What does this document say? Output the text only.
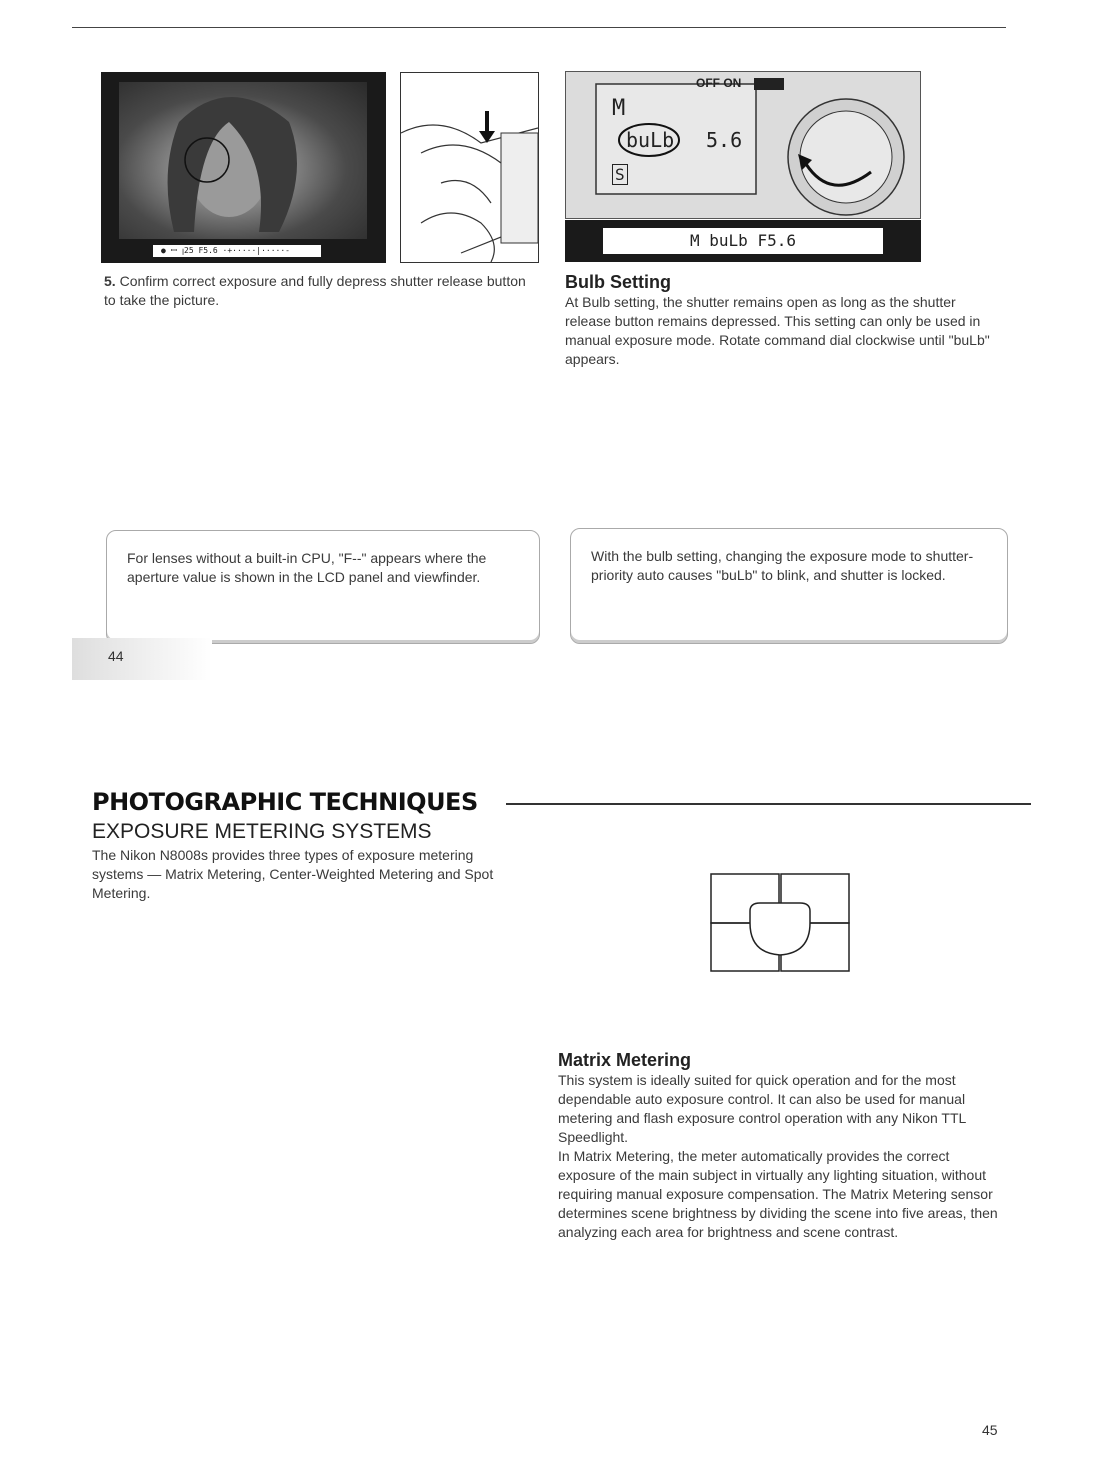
● ꟷ ꞁ25 F5.6 ·+·····|·····-
5. Confirm correct exposure and fully depress shutter release button to take the picture.
OFF ON
M
buLb 5.6
S
M buLb F5.6
Bulb Setting
At Bulb setting, the shutter remains open as long as the shutter release button remains depressed. This setting can only be used in manual exposure mode. Rotate command dial clockwise until "buLb" appears.
For lenses without a built-in CPU, "F--" appears where the aperture value is shown in the LCD panel and viewfinder.
With the bulb setting, changing the exposure mode to shutter-priority auto causes "buLb" to blink, and shutter is locked.
44
PHOTOGRAPHIC TECHNIQUES
EXPOSURE METERING SYSTEMS
The Nikon N8008s provides three types of exposure metering systems — Matrix Metering, Center-Weighted Metering and Spot Metering.
Matrix Metering
This system is ideally suited for quick operation and for the most dependable auto exposure control. It can also be used for manual metering and flash exposure control operation with any Nikon TTL Speedlight.
In Matrix Metering, the meter automatically provides the correct exposure of the main subject in virtually any lighting situation, without requiring manual exposure compensation. The Matrix Metering sensor determines scene brightness by dividing the scene into five areas, then analyzing each area for brightness and scene contrast.
45
